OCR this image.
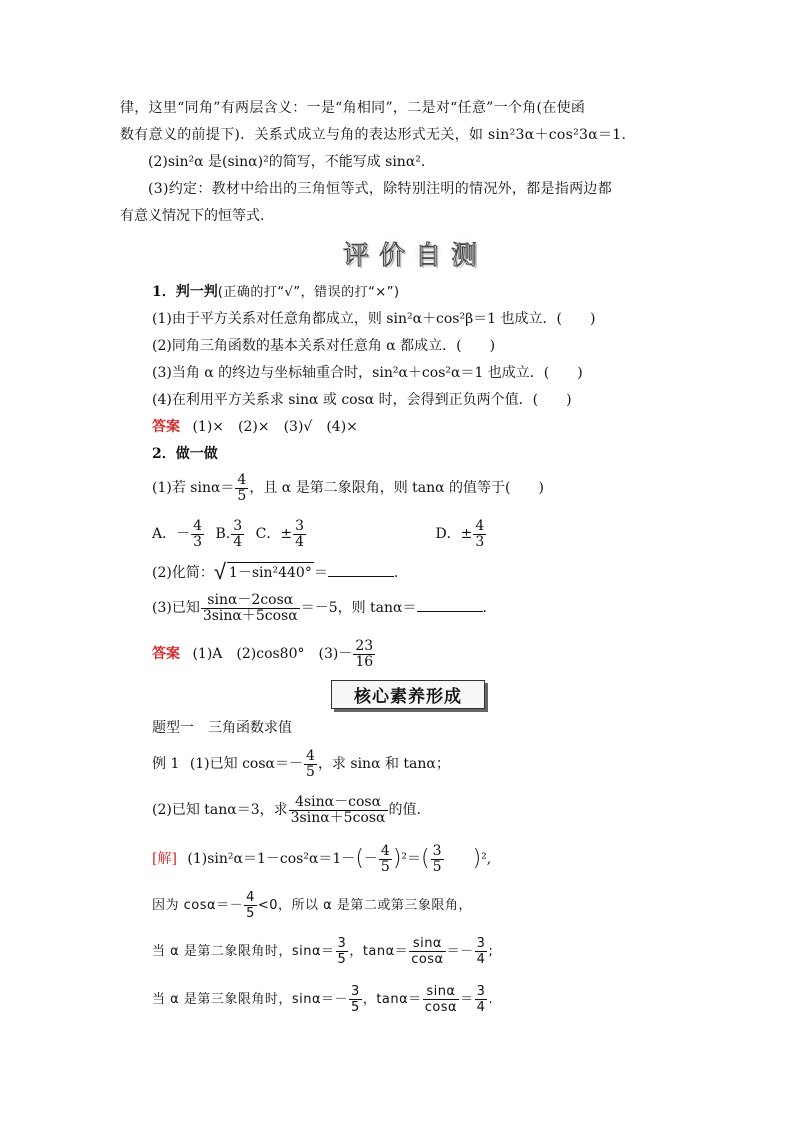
律，这里“同角”有两层含义：一是“角相同”，二是对“任意”一个角(在使函
数有意义的前提下)．关系式成立与角的表达形式无关，如 sin²3α＋cos²3α＝1.
(2)sin²α 是(sinα)²的简写，不能写成 sinα².
(3)约定：教材中给出的三角恒等式，除特别注明的情况外，都是指两边都
有意义情况下的恒等式.
评 价 自 测
1．判一判(正确的打“√”，错误的打“×”)
(1)由于平方关系对任意角都成立，则 sin²α＋cos²β＝1 也成立．(　　)
(2)同角三角函数的基本关系对任意角 α 都成立．(　　)
(3)当角 α 的终边与坐标轴重合时，sin²α＋cos²α＝1 也成立．(　　)
(4)在利用平方关系求 sinα 或 cosα 时，会得到正负两个值．(　　)
答案 (1)×　(2)×　(3)√　(4)×
2．做一做
(1)若 $\sin\alpha= \frac{4}{5}$ ，且 α 是第二象限角，则 tanα 的值等于(　　)
A．－ $\frac{4}{3} B$. $\frac{3}{4}$ C．± $\frac{3}{4}$	D．± $\frac{4}{3}$
(2)化简：√ 1－sin²440° ＝	.
(3)已知 $\frac{\sin\alpha-2\cos\alpha}{3\sin\alpha+5\cos\alpha} =-5$，则 tanα＝	.
答案 (1)A　(2)cos80°　$(3)- \frac{23}{16}$
核心素养形成
题型一　三角函数求值
例 1 (1)已知 $\cos\alpha=- \frac{4}{5}$ ，求 sinα 和 tanα；
(2)已知 tanα＝3，求 $\frac{4\sin\alpha-\cos\alpha}{3\sin\alpha+5\cos\alpha}$ 的值.
[解] $(1)\sin^2\alpha=1-\cos^2\alpha=1-(- \frac{4}{5} )^2=( \frac{3}{5} )^2$,
因为 $\cos\alpha=- \frac{4}{5} <0$，所以 α 是第二或第三象限角，
当 α 是第二象限角时，$\sin\alpha= \frac{3}{5}$ ，$\tan\alpha= \frac{\sin\alpha}{\cos\alpha} =- \frac{3}{4}$ ;
当 α 是第三象限角时，$\sin\alpha=- \frac{3}{5}$ ，$\tan\alpha= \frac{\sin\alpha}{\cos\alpha} = \frac{3}{4}$ .
